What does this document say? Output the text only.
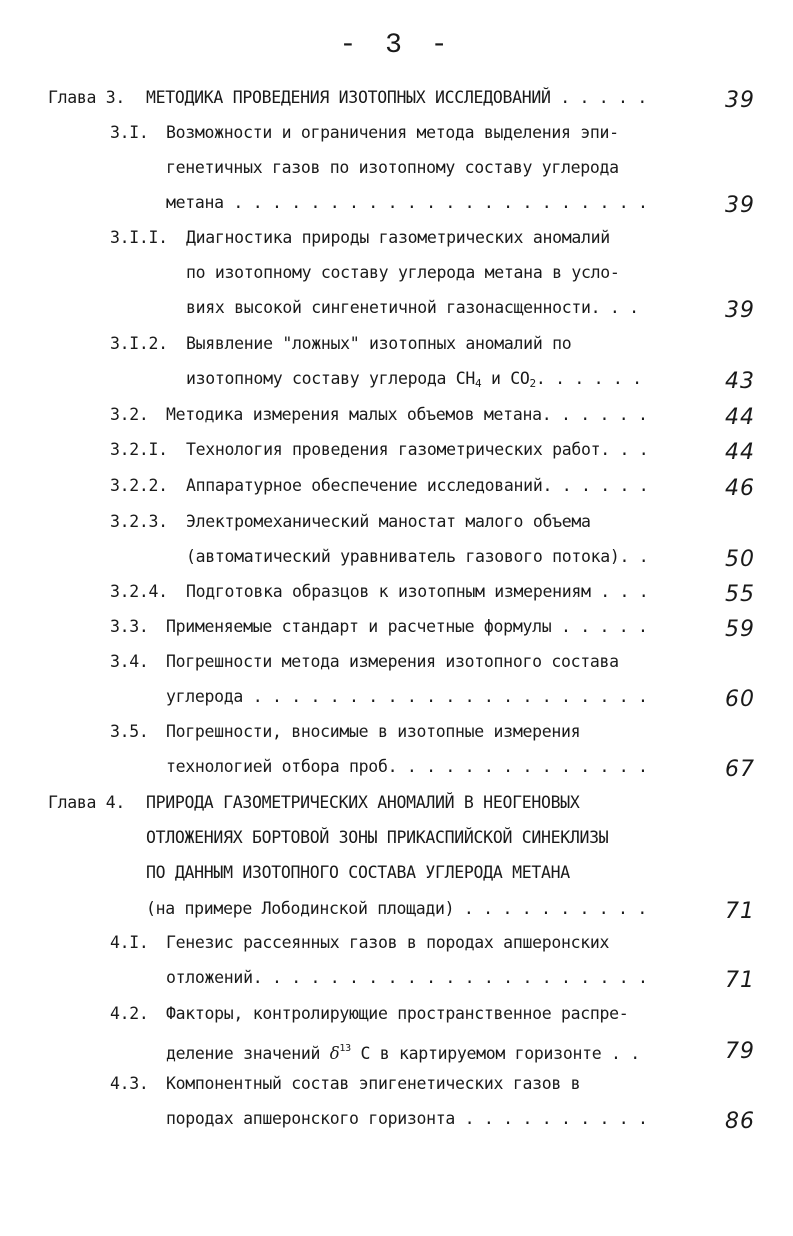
- 3 -
Глава 3. МЕТОДИКА ПРОВЕДЕНИЯ ИЗОТОПНЫХ ИССЛЕДОВАНИЙ . . . . .	39
3.I. Возможности и ограничения метода выделения эпи-
генетичных газов по изотопному составу углерода
метана . . . . . . . . . . . . . . . . . . . . . .	39
3.I.I. Диагностика природы газометрических аномалий
по изотопному составу углерода метана в усло-
виях высокой сингенетичной газонасщенности. . .	39
3.I.2. Выявление "ложных" изотопных аномалий по
изотопному составу углерода $CH_4$ и $CO_2$. . . . . .	43
3.2. Методика измерения малых объемов метана. . . . . .	44
3.2.I. Технология проведения газометрических работ. . .	44
3.2.2. Аппаратурное обеспечение исследований. . . . . .	46
3.2.3. Электромеханический маностат малого объема
(автоматический уравниватель газового потока). .	50
3.2.4. Подготовка образцов к изотопным измерениям . . .	55
3.3. Применяемые стандарт и расчетные формулы . . . . .	59
3.4. Погрешности метода измерения изотопного состава
углерода . . . . . . . . . . . . . . . . . . . . .	60
3.5. Погрешности, вносимые в изотопные измерения
технологией отбора проб. . . . . . . . . . . . . .	67
Глава 4. ПРИРОДА ГАЗОМЕТРИЧЕСКИХ АНОМАЛИЙ В НЕОГЕНОВЫХ
ОТЛОЖЕНИЯХ БОРТОВОЙ ЗОНЫ ПРИКАСПИЙСКОЙ СИНЕКЛИЗЫ
ПО ДАННЫМ ИЗОТОПНОГО СОСТАВА УГЛЕРОДА МЕТАНА
(на примере Лободинской площади) . . . . . . . . . .	71
4.I. Генезис рассеянных газов в породах апшеронских
отложений. . . . . . . . . . . . . . . . . . . . .	71
4.2. Факторы, контролирующие пространственное распре-
деление значений $\delta^{13}$ C в картируемом горизонте . .	79
4.3. Компонентный состав эпигенетических газов в
породах апшеронского горизонта . . . . . . . . . .	86
